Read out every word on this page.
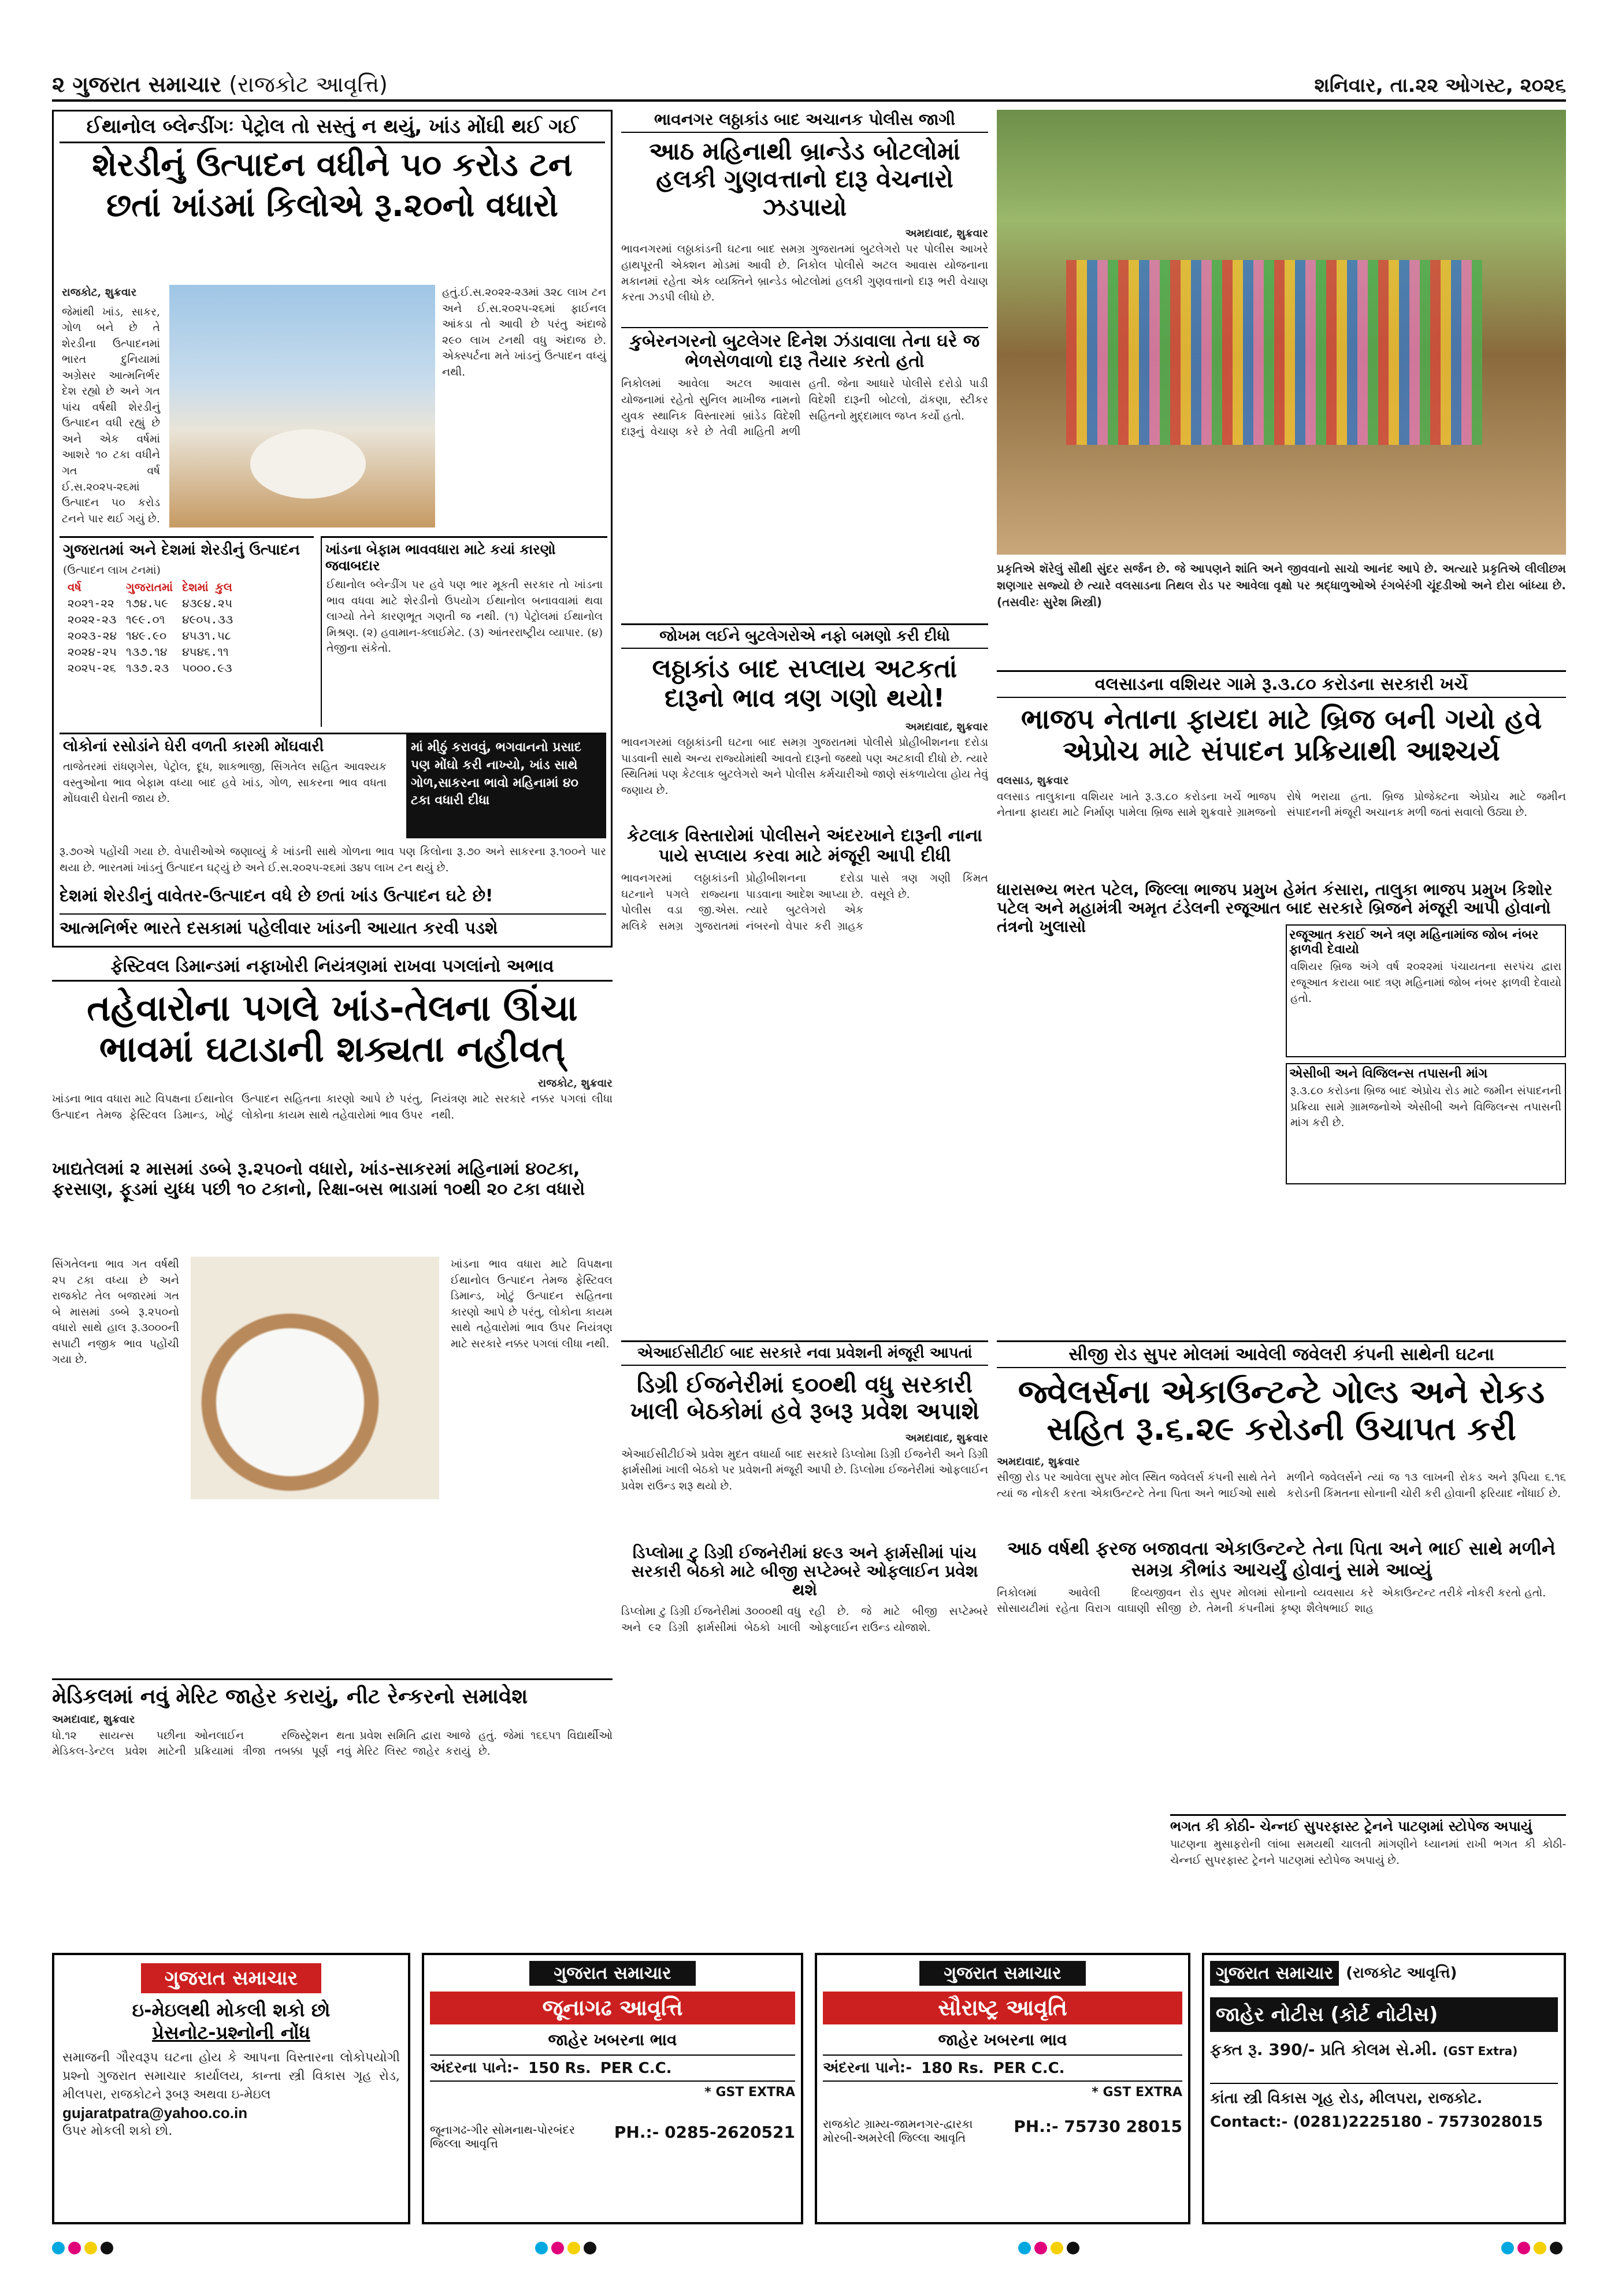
૨ ગુજરાત સમાચાર (રાજકોટ આવૃત્તિ)	શનિવાર, તા.૨૨ ઓગસ્ટ, ૨૦૨૬
ઈથાનોલ બ્લેન્ડીંગઃ પેટ્રોલ તો સસ્તું ન થયું, ખાંડ મોંઘી થઈ ગઈ
શેરડીનું ઉત્પાદન વધીને ૫૦ કરોડ ટન
છતાં ખાંડમાં કિલોએ રૂ.૨૦નો વધારો

રાજકોટ, શુક્રવાર

જેમાંથી ખાંડ, સાકર, ગોળ બને છે તે શેરડીના ઉત્પાદનમાં ભારત દુનિયામાં અગ્રેસર આત્મનિર્ભર દેશ રહ્યો છે અને ગત પાંચ વર્ષથી શેરડીનું ઉત્પાદન વધી રહ્યું છે અને એક વર્ષમાં આશરે ૧૦ ટકા વધીને ગત વર્ષ ઈ.સ.૨૦૨૫-૨૬માં ઉત્પાદન ૫૦ કરોડ ટનને પાર થઈ ગયું છે.

હતું.ઈ.સ.૨૦૨૨-૨૩માં ૩૨૮ લાખ ટન અને ઈ.સ.૨૦૨૫-૨૬માં ફાઈનલ આંકડા તો આવી છે પરંતુ અંદાજે ૨૯૦ લાખ ટનથી વધુ અંદાજ છે. એક્સ્પર્ટના મતે ખાંડનું ઉત્પાદન વધ્યું નથી.
ગુજરાતમાં અને દેશમાં શેરડીનું ઉત્પાદન
(ઉત્પાદન લાખ ટનમાં)
વર્ષ	ગુજરાતમાં	દેશમાં કુલ
૨૦૨૧-૨૨	૧૭૪.૫૯	૪૩૯૪.૨૫
૨૦૨૨-૨૩	૧૯૯.૦૧	૪૯૦૫.૩૩
૨૦૨૩-૨૪	૧૪૯.૯૦	૪૫૩૧.૫૮
૨૦૨૪-૨૫	૧૩૭.૧૪	૪૫૪૬.૧૧
૨૦૨૫-૨૬	૧૩૭.૨૩	૫૦૦૦.૯૩
ખાંડના બેફામ ભાવવધારા માટે કયાં કારણો જવાબદાર
ઈથાનોલ બ્લેન્ડીંગ પર હવે પણ ભાર મૂકતી સરકાર તો ખાંડના ભાવ વધવા માટે શેરડીનો ઉપયોગ ઈથાનોલ બનાવવામાં થવા લાગ્યો તેને કારણભૂત ગણતી જ નથી. (૧) પેટ્રોલમાં ઈથાનોલ મિશ્રણ. (૨) હવામાન-ક્લાઈમેટ. (૩) આંતરરાષ્ટ્રીય વ્યાપાર. (૪) તેજીના સંકેતો.
લોકોનાં રસોડાંને ઘેરી વળતી કારમી મોંઘવારી
તાજેતરમાં રાંધણગેસ, પેટ્રોલ, દૂધ, શાકભાજી, સિંગતેલ સહિત આવશ્યક વસ્તુઓના ભાવ બેફામ વધ્યા બાદ હવે ખાંડ, ગોળ, સાકરના ભાવ વધતા મોંઘવારી ઘેરાતી જાય છે.
માં મીઠું કરાવવું, ભગવાનનો પ્રસાદ પણ મોંઘો કરી નાખ્યો, ખાંડ સાથે ગોળ,સાકરના ભાવો મહિનામાં ૪૦ ટકા વધારી દીધા
રૂ.૭૦એ પહોંચી ગયા છે. વેપારીઓએ જણાવ્યું કે ખાંડની સાથે ગોળના ભાવ પણ કિલોના રૂ.૭૦ અને સાકરના રૂ.૧૦૦ને પાર થયા છે. ભારતમાં ખાંડનું ઉત્પાદન ઘટ્યું છે અને ઈ.સ.૨૦૨૫-૨૬માં ૩૪૫ લાખ ટન થયું છે.
દેશમાં શેરડીનું વાવેતર-ઉત્પાદન વધે છે છતાં ખાંડ ઉત્પાદન ઘટે છે!
આત્મનિર્ભર ભારતે દસકામાં પહેલીવાર ખાંડની આયાત કરવી પડશે
ભાવનગર લઠ્ઠાકાંડ બાદ અચાનક પોલીસ જાગી
આઠ મહિનાથી બ્રાન્ડેડ બોટલોમાં હલકી ગુણવત્તાનો દારૂ વેચનારો ઝડપાયો
અમદાવાદ, શુક્રવાર
ભાવનગરમાં લઠ્ઠાકાંડની ઘટના બાદ સમગ્ર ગુજરાતમાં બુટલેગરો પર પોલીસ આખરે હાથપૂરતી એક્શન મોડમાં આવી છે. નિકોલ પોલીસે અટલ આવાસ યોજનાના મકાનમાં રહેતા એક વ્યક્તિને બ્રાન્ડેડ બોટલોમાં હલકી ગુણવત્તાનો દારૂ ભરી વેચાણ કરતા ઝડપી લીધો છે.
કુબેરનગરનો બુટલેગર દિનેશ ઝંડાવાલા તેના ઘરે જ ભેળસેળવાળો દારૂ તૈયાર કરતો હતો
નિકોલમાં આવેલા અટલ આવાસ યોજનામાં રહેતો સુનિલ માખીજ નામનો યુવક સ્થાનિક વિસ્તારમાં બ્રાંડેડ વિદેશી દારૂનું વેચાણ કરે છે તેવી માહિતી મળી હતી. જેના આધારે પોલીસે દરોડો પાડી વિદેશી દારૂની બોટલો, ઢાંકણા, સ્ટીકર સહિતનો મુદ્દામાલ જપ્ત કર્યો હતો.
જોખમ લઈને બુટલેગરોએ નફો બમણો કરી દીધો
લઠ્ઠાકાંડ બાદ સપ્લાય અટકતાં દારૂનો ભાવ ત્રણ ગણો થયો!
અમદાવાદ, શુક્રવાર
ભાવનગરમાં લઠ્ઠાકાંડની ઘટના બાદ સમગ્ર ગુજરાતમાં પોલીસે પ્રોહીબીશનના દરોડા પાડવાની સાથે અન્ય રાજ્યોમાંથી આવતો દારૂનો જથ્થો પણ અટકાવી દીધો છે. ત્યારે સ્થિતિમાં પણ કેટલાક બુટલેગરો અને પોલીસ કર્મચારીઓ જાણે સંકળાયેલા હોય તેવું જણાય છે.
કેટલાક વિસ્તારોમાં પોલીસને અંદરખાને દારૂની નાના પાયે સપ્લાય કરવા માટે મંજૂરી આપી દીધી
ભાવનગરમાં લઠ્ઠાકાંડની ઘટનાને પગલે રાજ્યના પોલીસ વડા જી.એસ. મલિકે સમગ્ર ગુજરાતમાં પ્રોહીબીશનના દરોડા પાડવાના આદેશ આપ્યા છે. ત્યારે બુટલેગરો એક નંબરનો વેપાર કરી ગ્રાહક પાસે ત્રણ ગણી કિંમત વસૂલે છે.
પ્રકૃતિએ શૅરેલું સૌથી સુંદર સર્જન છે. જે આપણને શાંતિ અને જીવવાનો સાચો આનંદ આપે છે. અત્યારે પ્રકૃતિએ લીલીછમ શણગાર સજ્યો છે ત્યારે વલસાડના તિથલ રોડ પર આવેલા વૃક્ષો પર શ્રદ્ધાળુઓએ રંગબેરંગી ચૂંદડીઓ અને દોરા બાંધ્યા છે. (તસવીરઃ સુરેશ મિસ્ત્રી)
વલસાડના વશિયર ગામે રૂ.૩.૮૦ કરોડના સરકારી ખર્ચે
ભાજપ નેતાના ફાયદા માટે બ્રિજ બની ગયો હવે એપ્રોચ માટે સંપાદન પ્રક્રિયાથી આશ્ચર્ય
વલસાડ, શુક્રવાર
વલસાડ તાલુકાના વશિયર ખાતે રૂ.૩.૮૦ કરોડના ખર્ચે ભાજપ નેતાના ફાયદા માટે નિર્માણ પામેલા બ્રિજ સામે શુક્રવારે ગ્રામજનો રોષે ભરાયા હતા. બ્રિજ પ્રોજેક્ટના એપ્રોચ માટે જમીન સંપાદનની મંજૂરી અચાનક મળી જતાં સવાલો ઉઠ્યા છે.
ધારાસભ્ય ભરત પટેલ, જિલ્લા ભાજપ પ્રમુખ હેમંત કંસારા, તાલુકા ભાજપ પ્રમુખ કિશોર પટેલ અને મહામંત્રી અમૃત ટંડેલની રજૂઆત બાદ સરકારે બ્રિજને મંજૂરી આપી હોવાનો તંત્રનો ખુલાસો	રજૂઆત કરાઈ અને ત્રણ મહિનામાંજ જોબ નંબર ફાળવી દેવાયો
વશિયર બ્રિજ અંગે વર્ષ ૨૦૨૨માં પંચાયતના સરપંચ દ્વારા રજૂઆત કરાયા બાદ ત્રણ મહિનામાં જોબ નંબર ફાળવી દેવાયો હતો.
એસીબી અને વિજિલન્સ તપાસની માંગ
રૂ.૩.૮૦ કરોડના બ્રિજ બાદ એપ્રોચ રોડ માટે જમીન સંપાદનની પ્રક્રિયા સામે ગ્રામજનોએ એસીબી અને વિજિલન્સ તપાસની માંગ કરી છે.
ફેસ્ટિવલ ડિમાન્ડમાં નફાખોરી નિયંત્રણમાં રાખવા પગલાંનો અભાવ
તહેવારોના પગલે ખાંડ-તેલના ઊંચા ભાવમાં ઘટાડાની શક્યતા નહીવત્
રાજકોટ, શુક્રવાર
ખાંડના ભાવ વધારા માટે વિપક્ષના ઈથાનોલ ઉત્પાદન તેમજ ફેસ્ટિવલ ડિમાન્ડ, ખોટું ઉત્પાદન સહિતના કારણો આપે છે પરંતુ, લોકોના કાયમ સાથે તહેવારોમાં ભાવ ઉપર નિયંત્રણ માટે સરકારે નક્કર પગલાં લીધા નથી.
ખાદ્યતેલમાં ૨ માસમાં ડબ્બે રૂ.૨૫૦નો વધારો, ખાંડ-સાકરમાં મહિનામાં ૪૦ટકા, ફરસાણ, ફૂડમાં યુધ્ધ પછી ૧૦ ટકાનો, રિક્ષા-બસ ભાડામાં ૧૦થી ૨૦ ટકા વધારો
સિંગતેલના ભાવ ગત વર્ષથી ૨૫ ટકા વધ્યા છે અને રાજકોટ તેલ બજારમાં ગત બે માસમાં ડબ્બે રૂ.૨૫૦નો વધારો સાથે હાલ રૂ.૩૦૦૦ની સપાટી નજીક ભાવ પહોંચી ગયા છે.
ખાંડના ભાવ વધારા માટે વિપક્ષના ઈથાનોલ ઉત્પાદન તેમજ ફેસ્ટિવલ ડિમાન્ડ, ખોટું ઉત્પાદન સહિતના કારણો આપે છે પરંતુ, લોકોના કાયમ સાથે તહેવારોમાં ભાવ ઉપર નિયંત્રણ માટે સરકારે નક્કર પગલાં લીધા નથી.
એઆઈસીટીઈ બાદ સરકારે નવા પ્રવેશની મંજૂરી આપતાં
ડિગ્રી ઈજનેરીમાં ૬૦૦થી વધુ સરકારી ખાલી બેઠકોમાં હવે રૂબરૂ પ્રવેશ અપાશે
અમદાવાદ, શુક્રવાર
એઆઈસીટીઈએ પ્રવેશ મુદત વધાર્યા બાદ સરકારે ડિપ્લોમા ડિગ્રી ઈજનેરી અને ડિગ્રી ફાર્મસીમાં ખાલી બેઠકો પર પ્રવેશની મંજૂરી આપી છે. ડિપ્લોમા ઈજનેરીમાં ઓફલાઈન પ્રવેશ રાઉન્ડ શરૂ થયો છે.
ડિપ્લોમા ટુ ડિગ્રી ઈજનેરીમાં ૪૯૩ અને ફાર્મસીમાં પાંચ સરકારી બેઠકો માટે બીજી સપ્ટેમ્બરે ઓફલાઈન પ્રવેશ થશે
ડિપ્લોમા ટુ ડિગ્રી ઈજનેરીમાં ૩૦૦૦થી વધુ અને ૯૨ ડિગ્રી ફાર્મસીમાં બેઠકો ખાલી રહી છે. જે માટે બીજી સપ્ટેમ્બરે ઓફલાઈન રાઉન્ડ યોજાશે.
સીજી રોડ સુપર મોલમાં આવેલી જવેલરી કંપની સાથેની ઘટના
જ્વેલર્સના એકાઉન્ટન્ટે ગોલ્ડ અને રોકડ સહિત રૂ.૬.૨૯ કરોડની ઉચાપત કરી
અમદાવાદ, શુક્રવાર
સીજી રોડ પર આવેલા સુપર મોલ સ્થિત જવેલર્સ કંપની સાથે તેને ત્યાં જ નોકરી કરતા એકાઉન્ટન્ટે તેના પિતા અને ભાઈઓ સાથે મળીને જવેલર્સને ત્યાં જ ૧૩ લાખની રોકડ અને રૂપિયા ૬.૧૬ કરોડની કિંમતના સોનાની ચોરી કરી હોવાની ફરિયાદ નોંધાઈ છે.
આઠ વર્ષથી ફરજ બજાવતા એકાઉન્ટન્ટે તેના પિતા અને ભાઈ સાથે મળીને સમગ્ર કૌભાંડ આચર્યું હોવાનું સામે આવ્યું
નિકોલમાં આવેલી દિવ્યજીવન સોસાયટીમાં રહેતા વિરાગ વાઘાણી સીજી રોડ સુપર મોલમાં સોનાનો વ્યવસાય કરે છે. તેમની કંપનીમાં કૃષ્ણ શૈલેષભાઈ શાહ એકાઉન્ટન્ટ તરીકે નોકરી કરતો હતો.
ભગત કી કોઠી- ચેન્નઈ સુપરફાસ્ટ ટ્રેનને પાટણમાં સ્ટોપેજ અપાયું
પાટણના મુસાફરોની લાંબા સમયથી ચાલતી માંગણીને ધ્યાનમાં રાખી ભગત કી કોઠી- ચેન્નઈ સુપરફાસ્ટ ટ્રેનને પાટણમાં સ્ટોપેજ અપાયું છે.
મેડિકલમાં નવું મેરિટ જાહેર કરાયું, નીટ રેન્કરનો સમાવેશ
અમદાવાદ, શુક્રવાર
ધો.૧૨ સાયન્સ પછીના મેડિકલ-ડેન્ટલ પ્રવેશ માટેની ઓનલાઈન રજિસ્ટ્રેશન પ્રક્રિયામાં ત્રીજા તબક્કા પૂર્ણ થતા પ્રવેશ સમિતિ દ્વારા આજે નવું મેરિટ લિસ્ટ જાહેર કરાયું હતું. જેમાં ૧૬૬૫૧ વિદ્યાર્થીઓ છે.
ગુજરાત સમાચાર
ઇ-મેઇલથી મોકલી શકો છો
પ્રેસનોટ-પ્રશ્નોની નોંધ
સમાજની ગૌરવરૂપ ઘટના હોય કે આપના વિસ્તારના લોકોપયોગી પ્રશ્નો ગુજરાત સમાચાર કાર્યાલય, કાન્તા સ્ત્રી વિકાસ ગૃહ રોડ, મીલપરા, રાજકોટને રૂબરૂ અથવા ઇ-મેઇલ
gujaratpatra@yahoo.co.in
ઉપર મોકલી શકો છો.
ગુજરાત સમાચાર
જૂનાગઢ આવૃત્તિ
જાહેર ખબરના ભાવ
અંદરના પાને:- 150 Rs. PER C.C.
* GST EXTRA
જૂનાગઢ-ગીર સોમનાથ-પોરબંદર જિલ્લા આવૃત્તિ
PH.:- 0285-2620521
ગુજરાત સમાચાર
સૌરાષ્ટ્ર આવૃતિ
જાહેર ખબરના ભાવ
અંદરના પાને:- 180 Rs. PER C.C.
* GST EXTRA
રાજકોટ ગ્રામ્ય-જામનગર-દ્વારકા મોરબી-અમરેલી જિલ્લા આવૃતિ
PH.:- 75730 28015
ગુજરાત સમાચાર (રાજકોટ આવૃત્તિ)
જાહેર નોટીસ (કોર્ટ નોટીસ)
ફક્ત રૂ. 390/- પ્રતિ કોલમ સે.મી. (GST Extra)
કાંતા સ્ત્રી વિકાસ ગૃહ રોડ, મીલપરા, રાજકોટ.
Contact:- (0281)2225180 - 7573028015
